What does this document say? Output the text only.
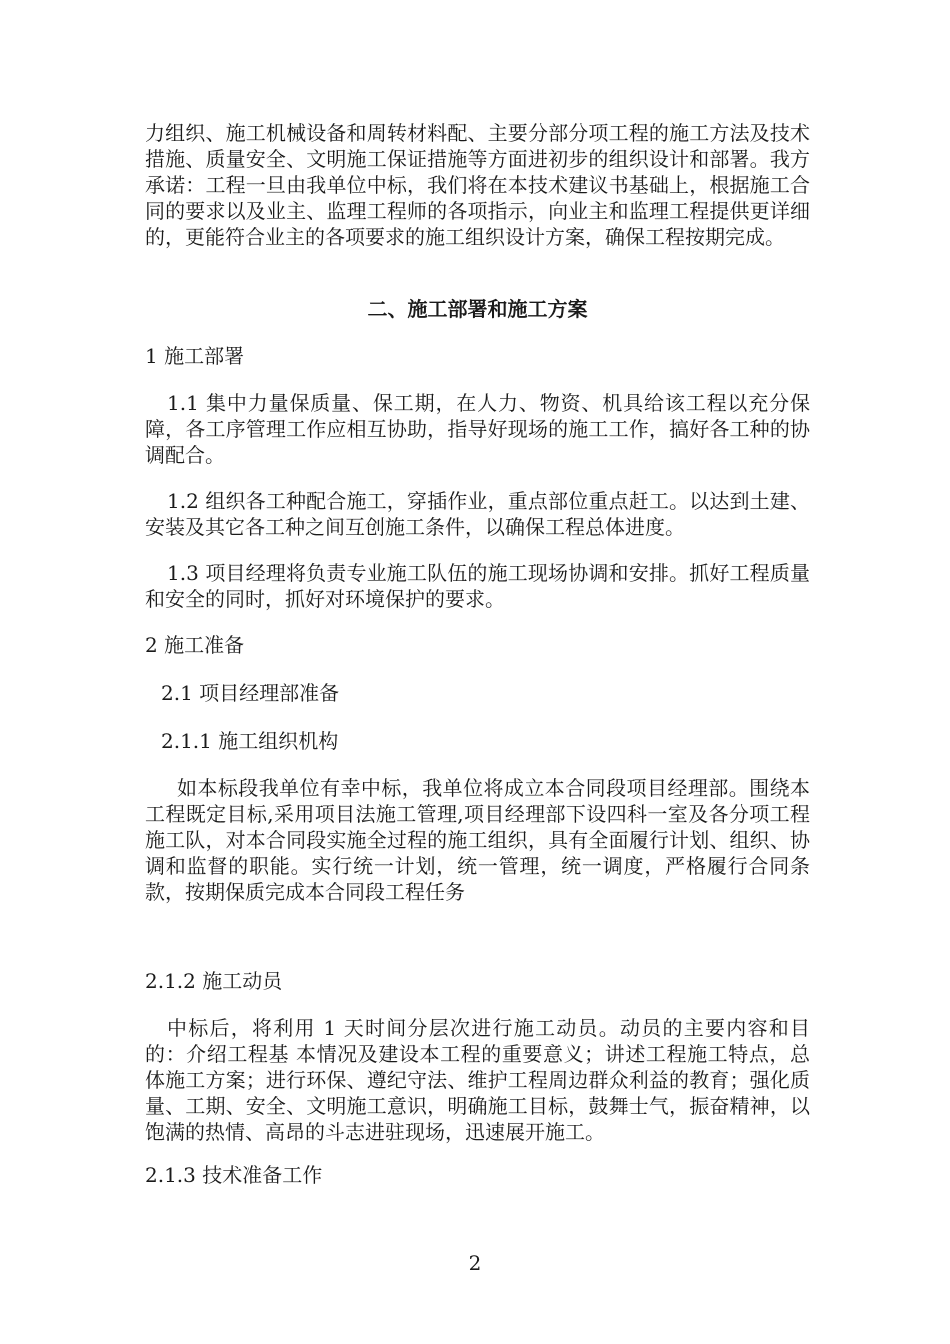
力组织、施工机械设备和周转材料配、主要分部分项工程的施工方法及技术措施、质量安全、文明施工保证措施等方面进初步的组织设计和部署。我方承诺：工程一旦由我单位中标，我们将在本技术建议书基础上，根据施工合同的要求以及业主、监理工程师的各项指示，向业主和监理工程提供更详细的，更能符合业主的各项要求的施工组织设计方案，确保工程按期完成。

二、施工部署和施工方案

1 施工部署

1.1 集中力量保质量、保工期，在人力、物资、机具给该工程以充分保障，各工序管理工作应相互协助，指导好现场的施工工作，搞好各工种的协调配合。

1.2 组织各工种配合施工，穿插作业，重点部位重点赶工。以达到土建、安装及其它各工种之间互创施工条件，以确保工程总体进度。

1.3 项目经理将负责专业施工队伍的施工现场协调和安排。抓好工程质量和安全的同时，抓好对环境保护的要求。

2 施工准备

2.1 项目经理部准备

2.1.1 施工组织机构

如本标段我单位有幸中标，我单位将成立本合同段项目经理部。围绕本工程既定目标,采用项目法施工管理,项目经理部下设四科一室及各分项工程施工队，对本合同段实施全过程的施工组织，具有全面履行计划、组织、协调和监督的职能。实行统一计划，统一管理，统一调度，严格履行合同条款，按期保质完成本合同段工程任务

2.1.2 施工动员

中标后，将利用 1 天时间分层次进行施工动员。动员的主要内容和目的：介绍工程基 本情况及建设本工程的重要意义；讲述工程施工特点，总体施工方案；进行环保、遵纪守法、维护工程周边群众利益的教育；强化质量、工期、安全、文明施工意识，明确施工目标，鼓舞士气，振奋精神，以饱满的热情、高昂的斗志进驻现场，迅速展开施工。

2.1.3 技术准备工作

2
